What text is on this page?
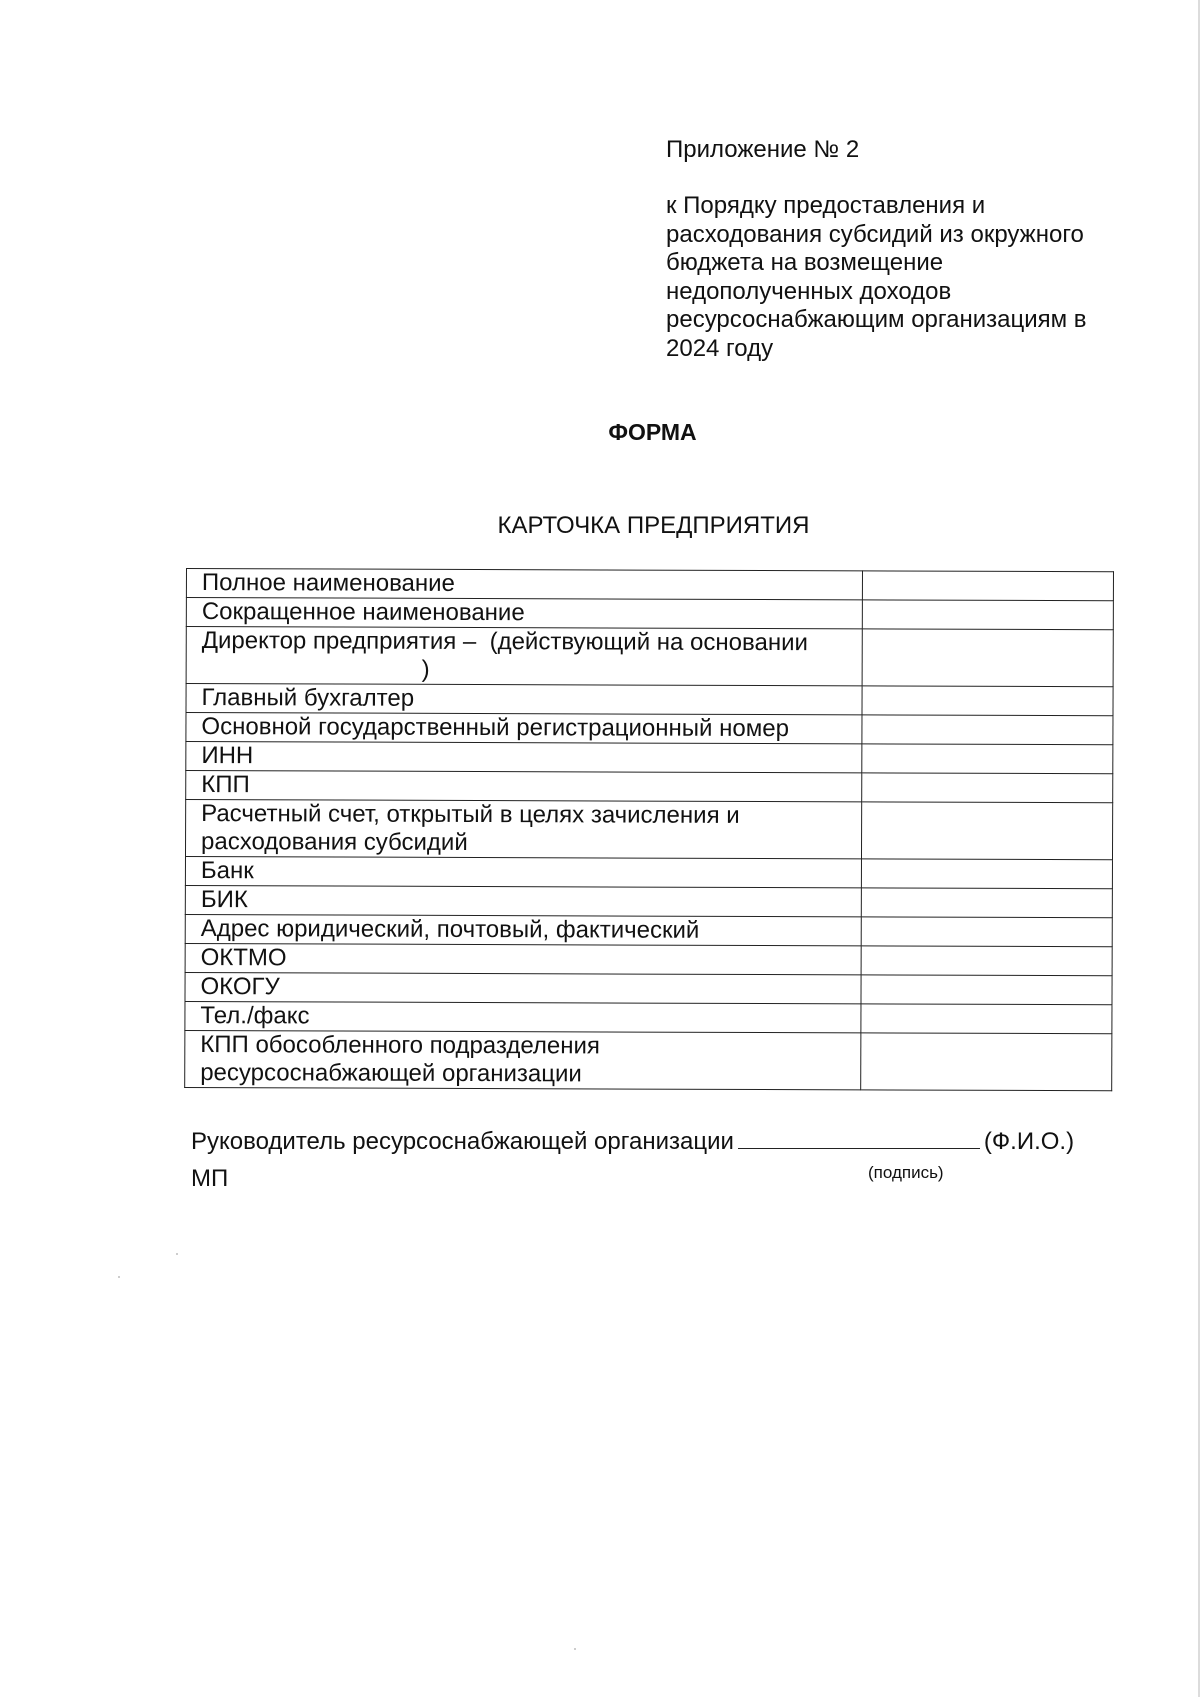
Приложение № 2
к Порядку предоставления и
расходования субсидий из окружного
бюджета на возмещение
недополученных доходов
ресурсоснабжающим организациям в
2024 году
ФОРМА
КАРТОЧКА ПРЕДПРИЯТИЯ
Полное наименование	

Сокращенное наименование	

Директор предприятия –  (действующий на основании
)	

Главный бухгалтер	

Основной государственный регистрационный номер	

ИНН	

КПП	

Расчетный счет, открытый в целях зачисления и
расходования субсидий	

Банк	

БИК	

Адрес юридический, почтовый, фактический	

ОКТМО	

ОКОГУ	

Тел./факс	

КПП обособленного подразделения
ресурсоснабжающей организации	

Руководитель ресурсоснабжающей организации	(Ф.И.О.)
МП	(подпись)
